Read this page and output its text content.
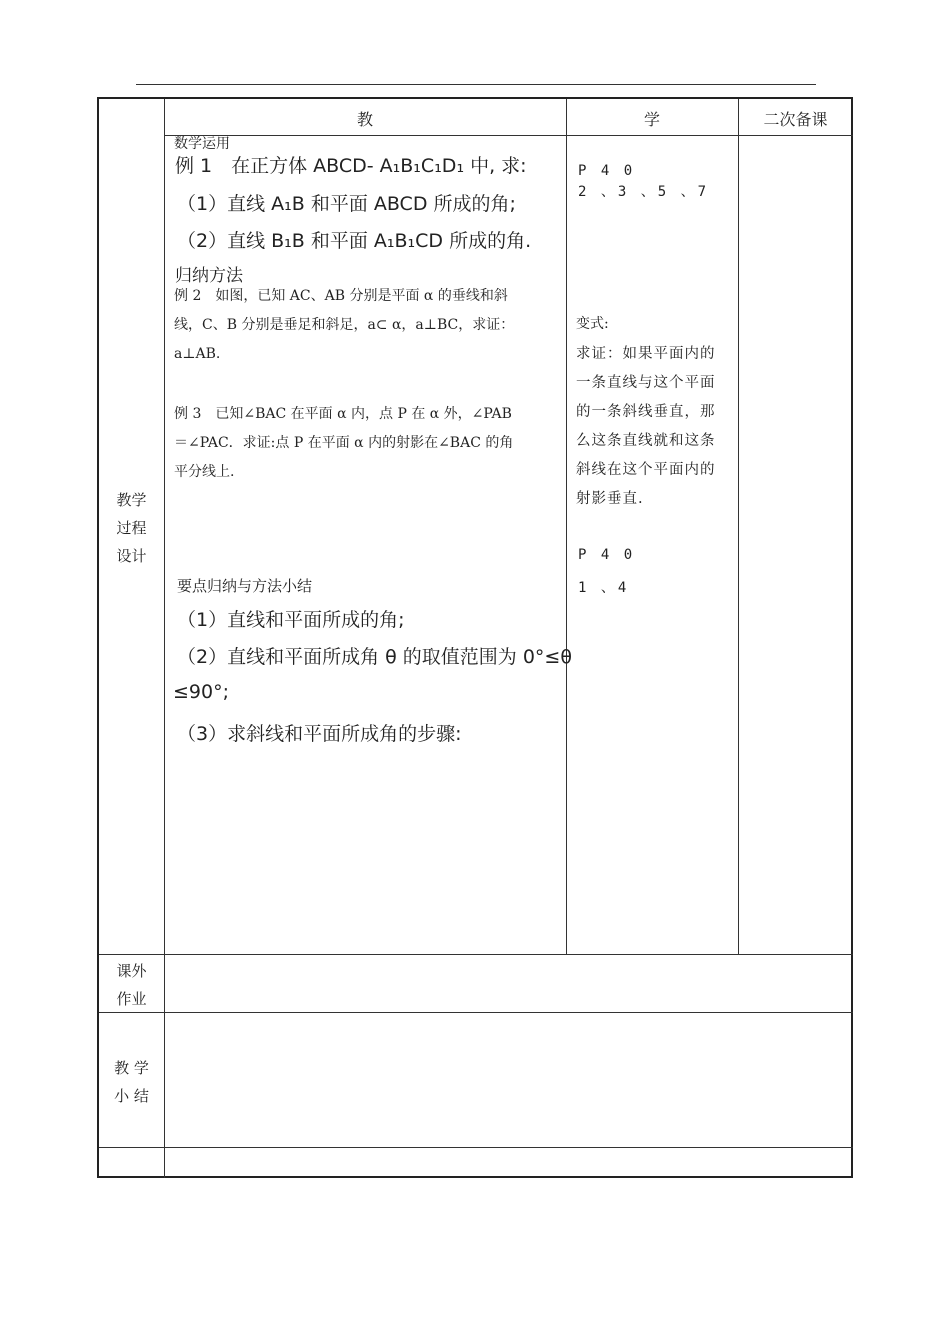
教	学	二次备课
教学
过程
设计
课外
作业
教 学
小 结
数学运用
例 1　在正方体 ABCD- A₁B₁C₁D₁ 中, 求:
（1）直线 A₁B 和平面 ABCD 所成的角;
（2）直线 B₁B 和平面 A₁B₁CD 所成的角.
归纳方法
例 2　如图，已知 AC、AB 分别是平面 α 的垂线和斜
线，C、B 分别是垂足和斜足，a⊂ α，a⊥BC，求证：
a⊥AB.
例 3　已知∠BAC 在平面 α 内，点 P 在 α 外，∠PAB
＝∠PAC．求证:点 P 在平面 α 内的射影在∠BAC 的角
平分线上.
要点归纳与方法小结
（1）直线和平面所成的角;
（2）直线和平面所成角 θ 的取值范围为 0°≤θ
≤90°;
（3）求斜线和平面所成角的步骤:
P 4 0
2 、3 、5 、7
变式:
求证：如果平面内的
一条直线与这个平面
的一条斜线垂直，那
么这条直线就和这条
斜线在这个平面内的
射影垂直.
P 4 0
1 、4
